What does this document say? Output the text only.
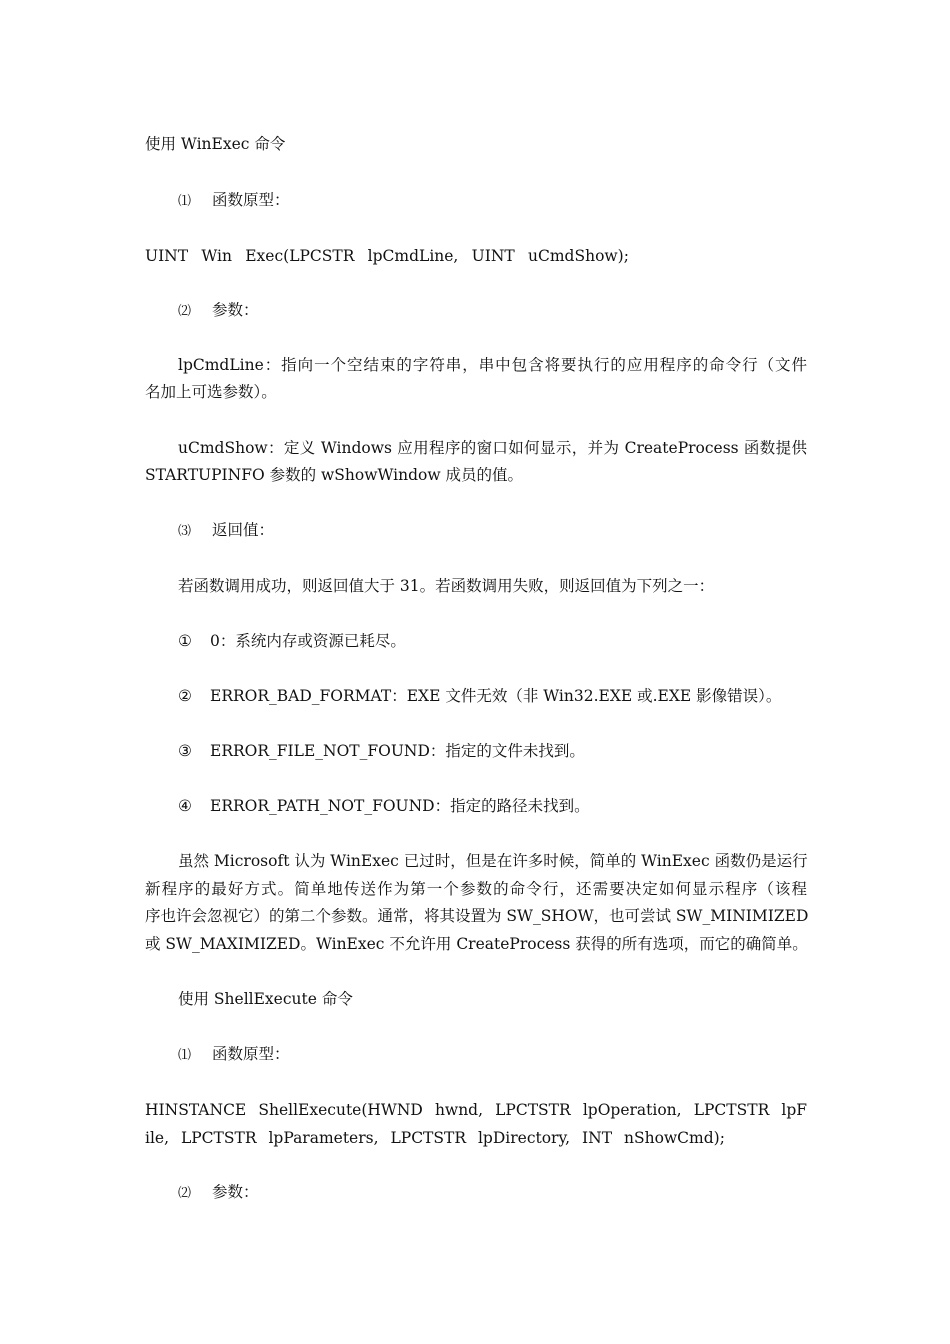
使用 WinExec 命令
⑴ 函数原型：
UINT Win Exec(LPCSTR lpCmdLine, UINT uCmdShow);
⑵ 参数：
lpCmdLine：指向一个空结束的字符串，串中包含将要执行的应用程序的命令行（文件
名加上可选参数）。
uCmdShow：定义 Windows 应用程序的窗口如何显示，并为 CreateProcess 函数提供
STARTUPINFO 参数的 wShowWindow 成员的值。
⑶ 返回值：
若函数调用成功，则返回值大于 31。若函数调用失败，则返回值为下列之一：
① 0：系统内存或资源已耗尽。
② ERROR_BAD_FORMAT：EXE 文件无效（非 Win32.EXE 或.EXE 影像错误）。
③ ERROR_FILE_NOT_FOUND：指定的文件未找到。
④ ERROR_PATH_NOT_FOUND：指定的路径未找到。
虽然 Microsoft 认为 WinExec 已过时，但是在许多时候，简单的 WinExec 函数仍是运行
新程序的最好方式。简单地传送作为第一个参数的命令行，还需要决定如何显示程序（该程
序也许会忽视它）的第二个参数。通常，将其设置为 SW_SHOW，也可尝试 SW_MINIMIZED
或 SW_MAXIMIZED。WinExec 不允许用 CreateProcess 获得的所有选项，而它的确简单。
使用 ShellExecute 命令
⑴ 函数原型：
HINSTANCE ShellExecute(HWND hwnd, LPCTSTR lpOperation, LPCTSTR lpF
ile, LPCTSTR lpParameters, LPCTSTR lpDirectory, INT nShowCmd);
⑵ 参数：
